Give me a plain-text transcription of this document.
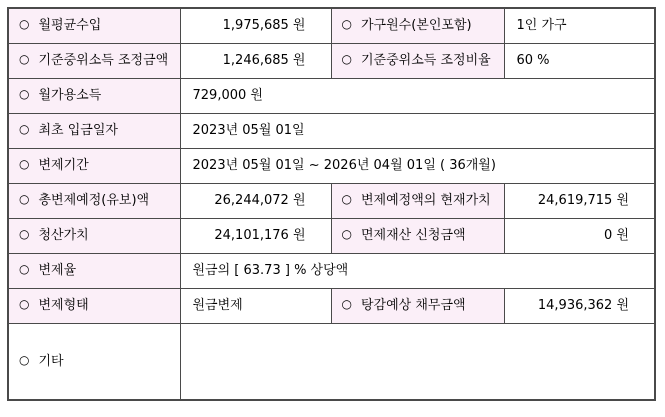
○ 월평균수입	1,975,685 원	○ 가구원수(본인포함)	1인 가구
○ 기준중위소득 조정금액	1,246,685 원	○ 기준중위소득 조정비율	60 %
○ 월가용소득	729,000 원		
○ 최초 입금일자	2023년 05월 01일		
○ 변제기간	2023년 05월 01일 ~ 2026년 04월 01일 ( 36개월)		
○ 총변제예정(유보)액	26,244,072 원	○ 변제예정액의 현재가치	24,619,715 원
○ 청산가치	24,101,176 원	○ 면제재산 신청금액	0 원
○ 변제율	원금의 [ 63.73 ] % 상당액		
○ 변제형태	원금변제	○ 탕감예상 채무금액	14,936,362 원
○ 기타			
